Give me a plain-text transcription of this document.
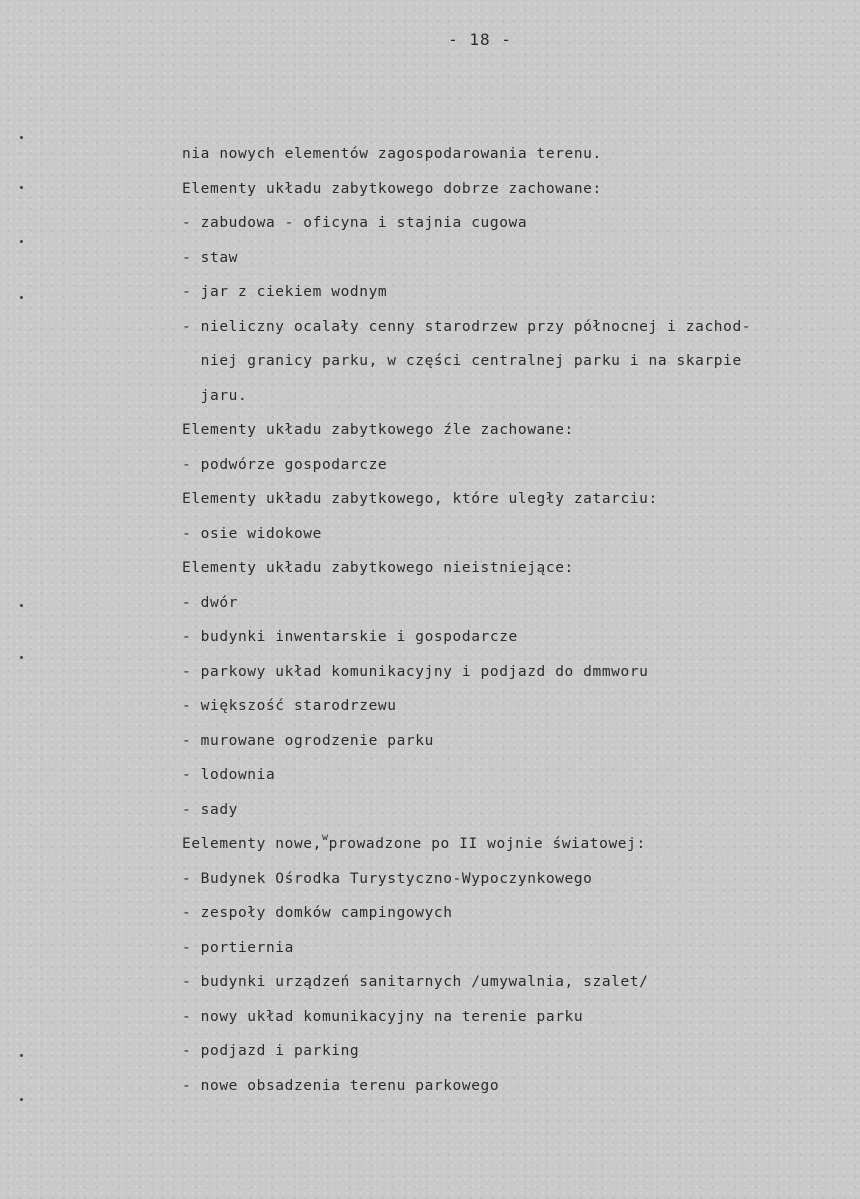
- 18 -
nia nowych elementów zagospodarowania terenu.
Elementy układu zabytkowego dobrze zachowane:
- zabudowa - oficyna i stajnia cugowa
- staw
- jar z ciekiem wodnym
- nieliczny ocalały cenny starodrzew przy północnej i zachod-
niej granicy parku, w części centralnej parku i na skarpie
jaru.
Elementy układu zabytkowego źle zachowane:
- podwórze gospodarcze
Elementy układu zabytkowego, które uległy zatarciu:
- osie widokowe
Elementy układu zabytkowego nieistniejące:
- dwór
- budynki inwentarskie i gospodarcze
- parkowy układ komunikacyjny i podjazd do dmmworu
- większość starodrzewu
- murowane ogrodzenie parku
- lodownia
- sady
Eelementy nowe,$^w$prowadzone po II wojnie światowej:
- Budynek Ośrodka Turystyczno-Wypoczynkowego
- zespoły domków campingowych
- portiernia
- budynki urządzeń sanitarnych /umywalnia, szalet/
- nowy układ komunikacyjny na terenie parku
- podjazd i parking
- nowe obsadzenia terenu parkowego
